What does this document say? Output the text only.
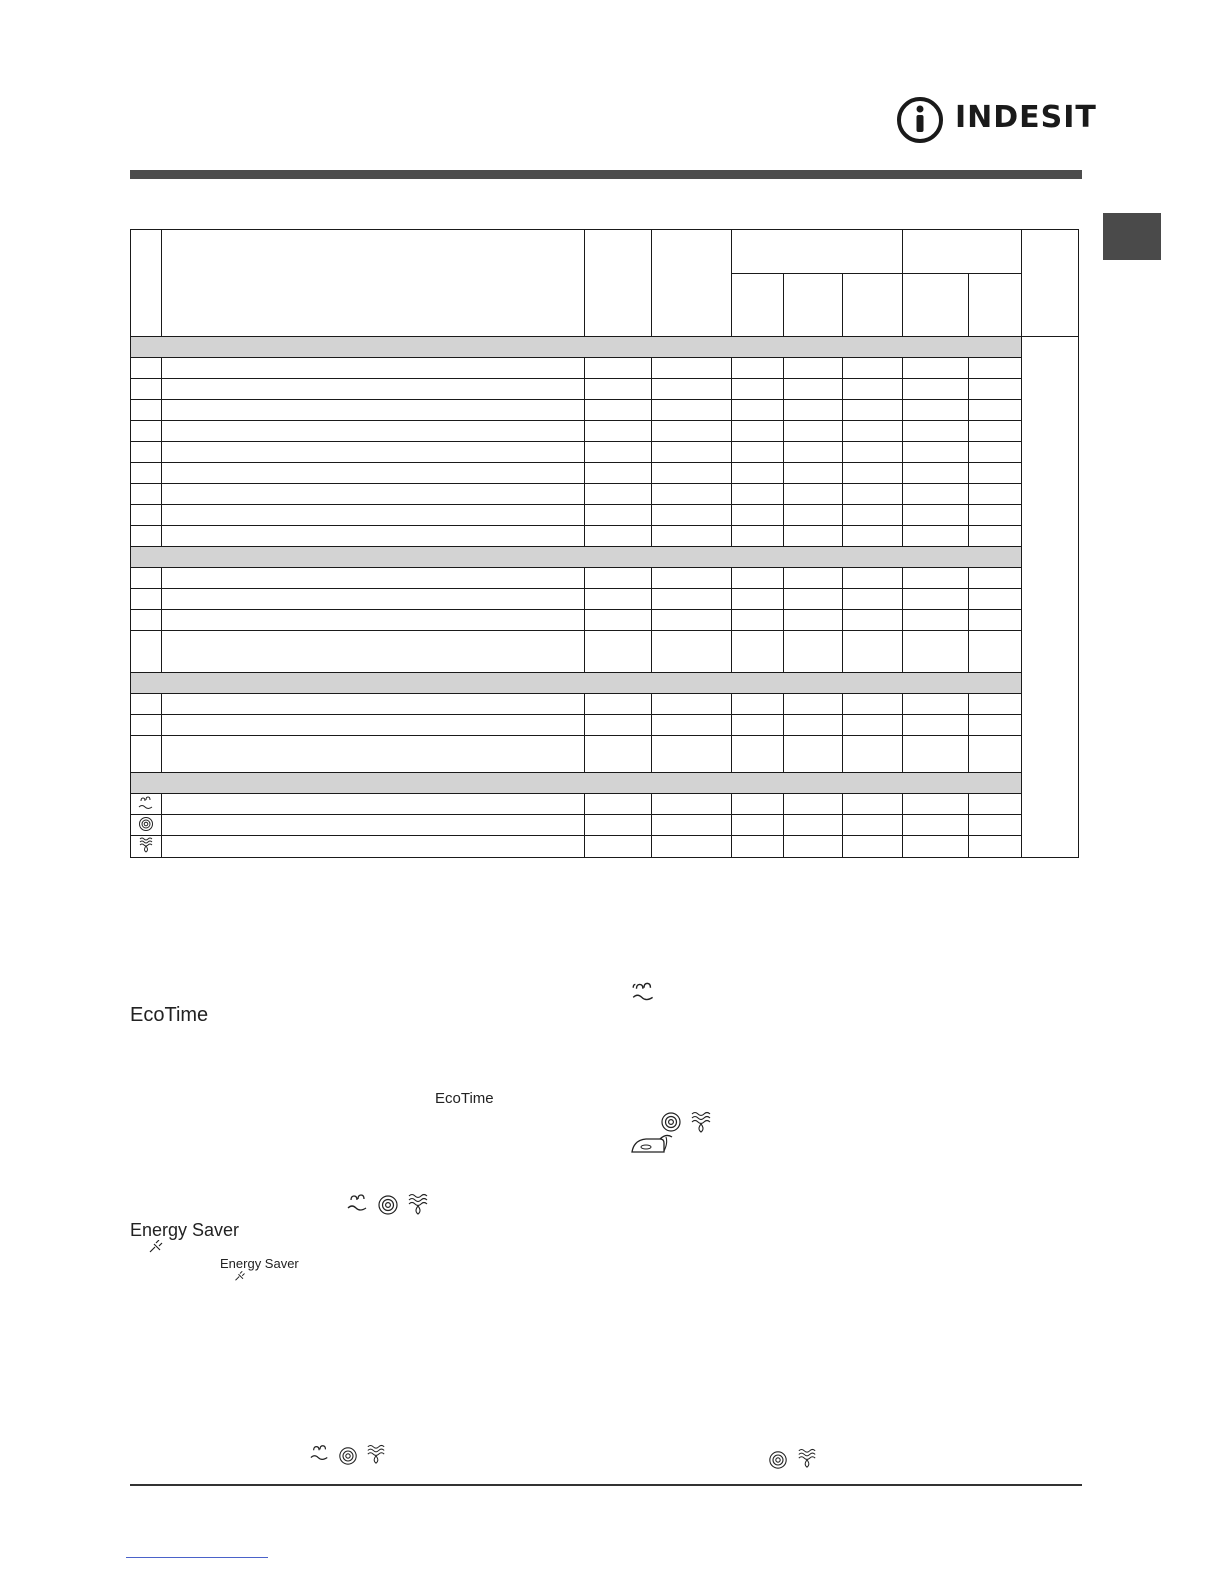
INDESIT

EcoTime
EcoTime
Energy Saver
Energy Saver
